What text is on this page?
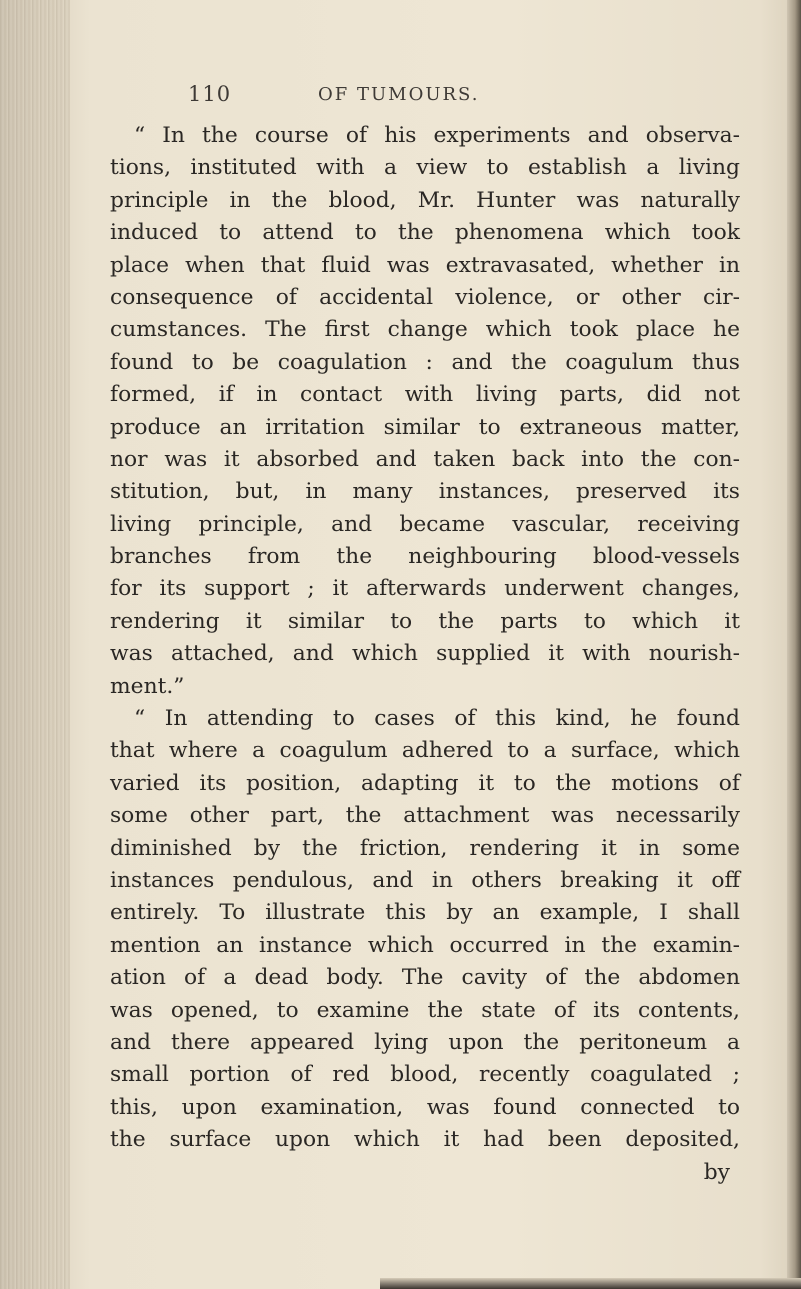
110	OF TUMOURS.
“ In the course of his experiments and observa-
tions, instituted with a view to establish a living
principle in the blood, Mr. Hunter was naturally
induced to attend to the phenomena which took
place when that fluid was extravasated, whether in
consequence of accidental violence, or other cir-
cumstances. The first change which took place he
found to be coagulation : and the coagulum thus
formed, if in contact with living parts, did not
produce an irritation similar to extraneous matter,
nor was it absorbed and taken back into the con-
stitution, but, in many instances, preserved its
living principle, and became vascular, receiving
branches from the neighbouring blood-vessels
for its support ; it afterwards underwent changes,
rendering it similar to the parts to which it
was attached, and which supplied it with nourish-
ment.”
“ In attending to cases of this kind, he found
that where a coagulum adhered to a surface, which
varied its position, adapting it to the motions of
some other part, the attachment was necessarily
diminished by the friction, rendering it in some
instances pendulous, and in others breaking it off
entirely. To illustrate this by an example, I shall
mention an instance which occurred in the examin-
ation of a dead body. The cavity of the abdomen
was opened, to examine the state of its contents,
and there appeared lying upon the peritoneum a
small portion of red blood, recently coagulated ;
this, upon examination, was found connected to
the surface upon which it had been deposited,
by
